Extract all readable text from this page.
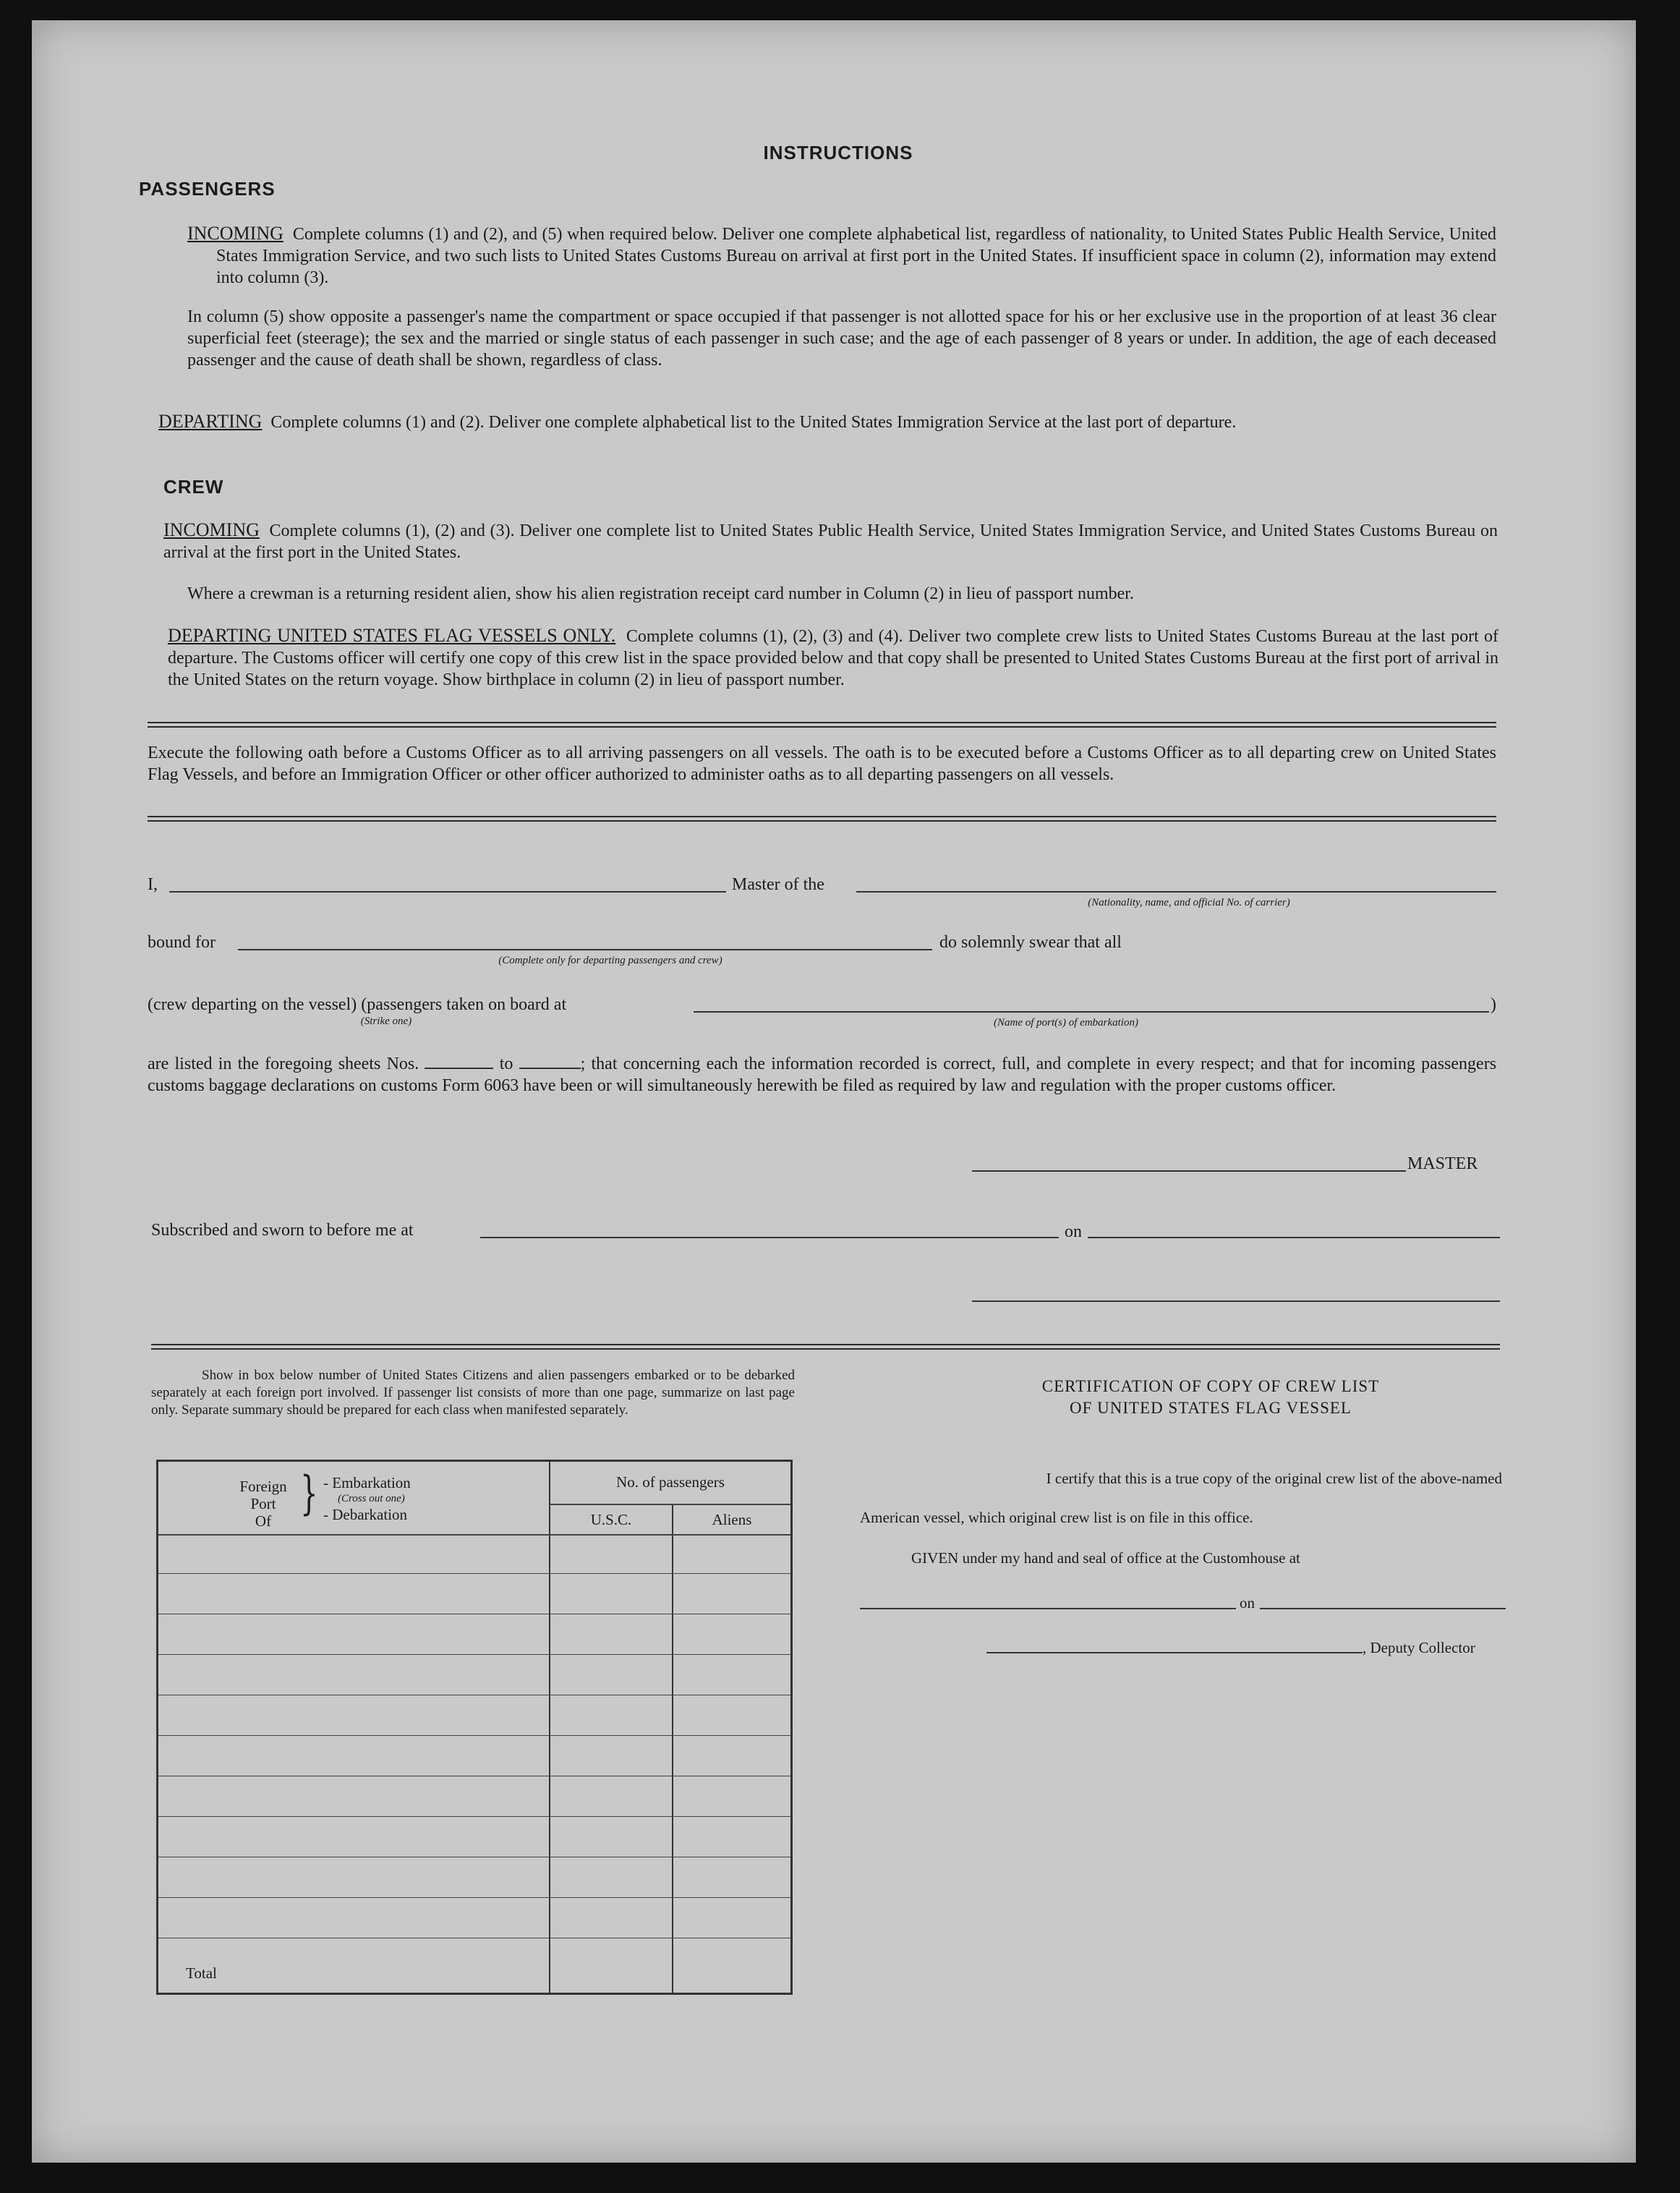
INSTRUCTIONS
PASSENGERS
INCOMING Complete columns (1) and (2), and (5) when required below. Deliver one complete alphabetical list, regardless of nationality, to United States Public Health Service, United States Immigration Service, and two such lists to United States Customs Bureau on arrival at first port in the United States. If insufficient space in column (2), information may extend into column (3).
In column (5) show opposite a passenger's name the compartment or space occupied if that passenger is not allotted space for his or her exclusive use in the proportion of at least 36 clear superficial feet (steerage); the sex and the married or single status of each passenger in such case; and the age of each passenger of 8 years or under. In addition, the age of each deceased passenger and the cause of death shall be shown, regardless of class.
DEPARTING Complete columns (1) and (2). Deliver one complete alphabetical list to the United States Immigration Service at the last port of departure.
CREW
INCOMING Complete columns (1), (2) and (3). Deliver one complete list to United States Public Health Service, United States Immigration Service, and United States Customs Bureau on arrival at the first port in the United States.
Where a crewman is a returning resident alien, show his alien registration receipt card number in Column (2) in lieu of passport number.
DEPARTING UNITED STATES FLAG VESSELS ONLY. Complete columns (1), (2), (3) and (4). Deliver two complete crew lists to United States Customs Bureau at the last port of departure. The Customs officer will certify one copy of this crew list in the space provided below and that copy shall be presented to United States Customs Bureau at the first port of arrival in the United States on the return voyage. Show birthplace in column (2) in lieu of passport number.
Execute the following oath before a Customs Officer as to all arriving passengers on all vessels. The oath is to be executed before a Customs Officer as to all departing crew on United States Flag Vessels, and before an Immigration Officer or other officer authorized to administer oaths as to all departing passengers on all vessels.
I,	Master of the
(Nationality, name, and official No. of carrier)
bound for
(Complete only for departing passengers and crew)
do solemnly swear that all
(crew departing on the vessel) (passengers taken on board at
(Strike one)
)
(Name of port(s) of embarkation)
are listed in the foregoing sheets Nos.	to	; that concerning each the information recorded is correct, full, and complete in every respect; and that for incoming passengers customs baggage declarations on customs Form 6063 have been or will simultaneously herewith be filed as required by law and regulation with the proper customs officer.
MASTER
Subscribed and sworn to before me at	on
Show in box below number of United States Citizens and alien passengers embarked or to be debarked separately at each foreign port involved. If passenger list consists of more than one page, summarize on last page only. Separate summary should be prepared for each class when manifested separately.
Foreign
Port
Of
} - Embarkation
(Cross out one)
- Debarkation
No. of passengers
U.S.C.	Aliens
Total
CERTIFICATION OF COPY OF CREW LIST
OF UNITED STATES FLAG VESSEL
I certify that this is a true copy of the original crew list of the above-named
American vessel, which original crew list is on file in this office.
GIVEN under my hand and seal of office at the Customhouse at
on
, Deputy Collector
